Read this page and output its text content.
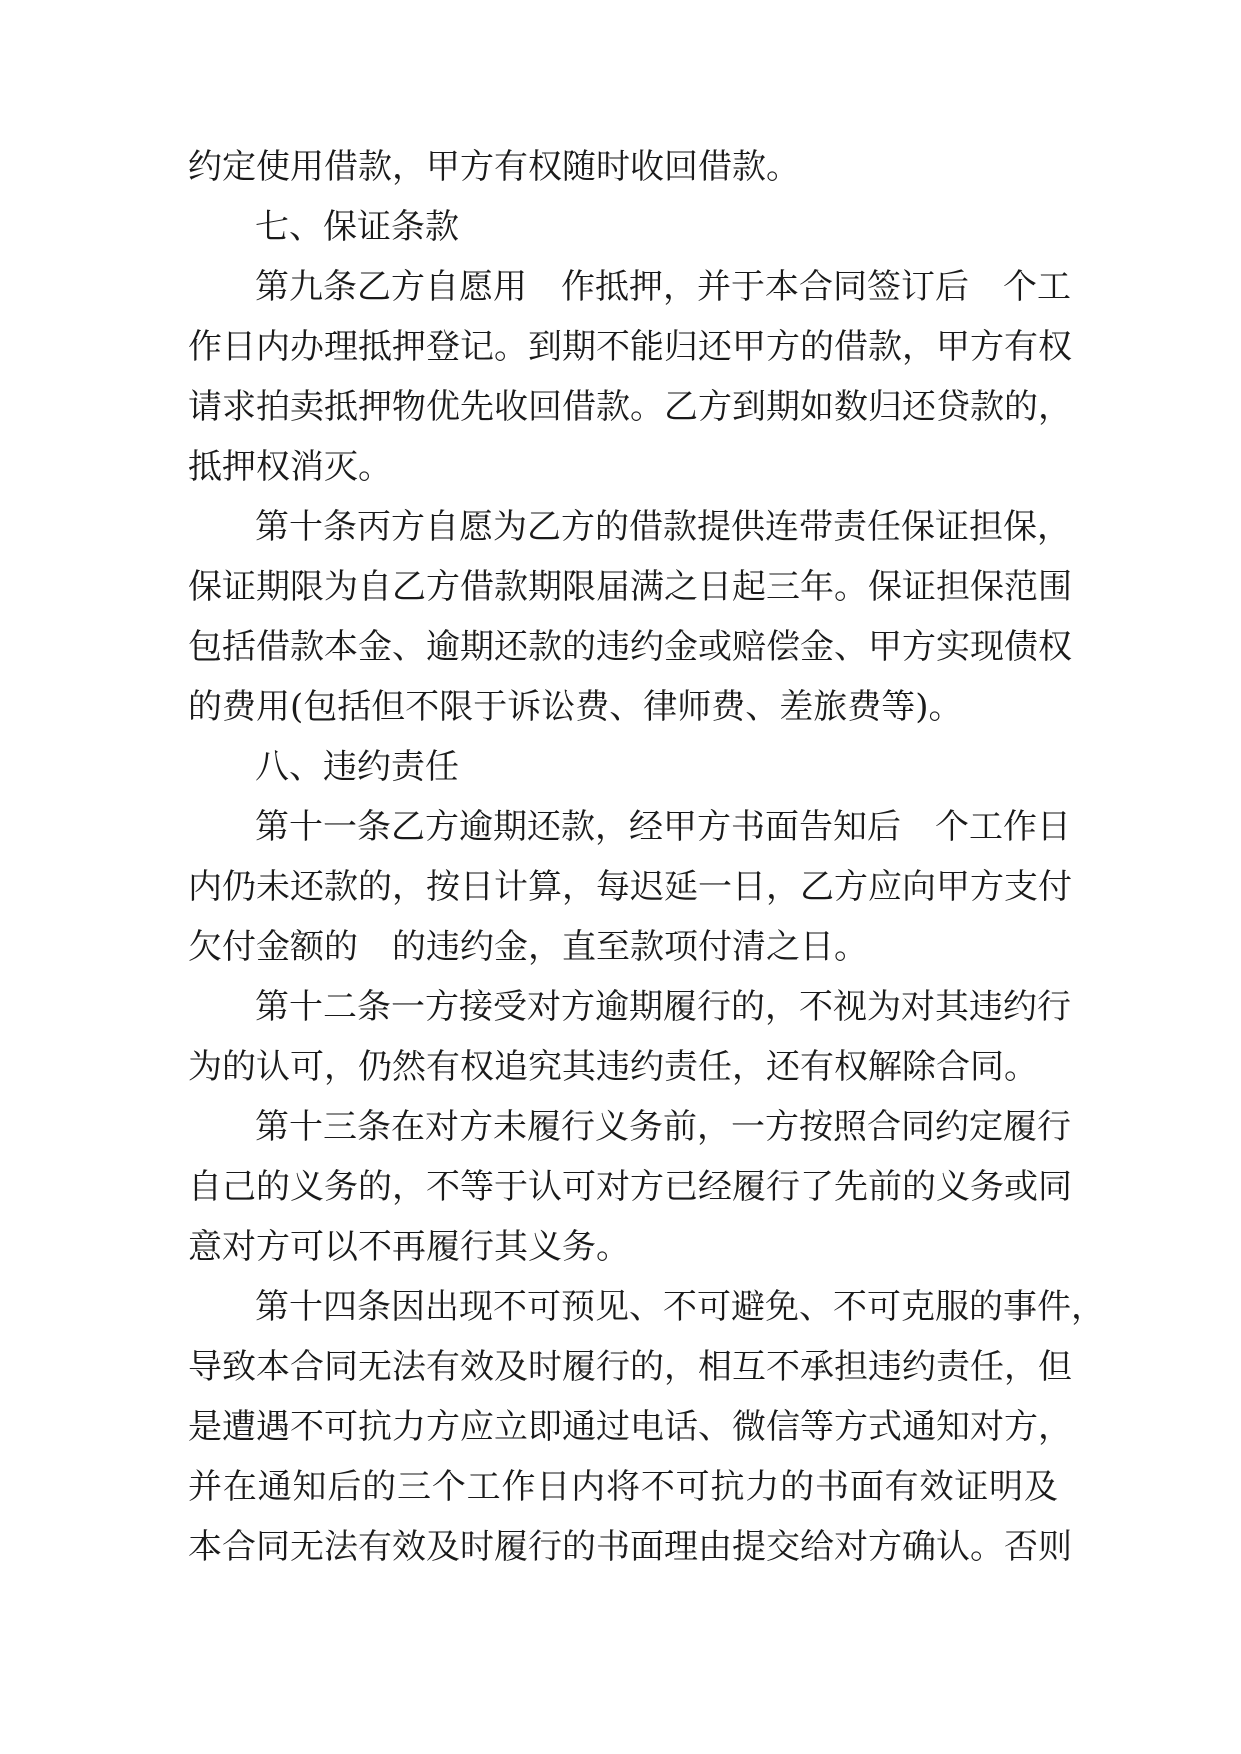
约定使用借款，甲方有权随时收回借款。
七、保证条款
第九条乙方自愿用　作抵押，并于本合同签订后　个工
作日内办理抵押登记。到期不能归还甲方的借款，甲方有权
请求拍卖抵押物优先收回借款。乙方到期如数归还贷款的，
抵押权消灭。
第十条丙方自愿为乙方的借款提供连带责任保证担保，
保证期限为自乙方借款期限届满之日起三年。保证担保范围
包括借款本金、逾期还款的违约金或赔偿金、甲方实现债权
的费用(包括但不限于诉讼费、律师费、差旅费等)。
八、违约责任
第十一条乙方逾期还款，经甲方书面告知后　个工作日
内仍未还款的，按日计算，每迟延一日，乙方应向甲方支付
欠付金额的　的违约金，直至款项付清之日。
第十二条一方接受对方逾期履行的，不视为对其违约行
为的认可，仍然有权追究其违约责任，还有权解除合同。
第十三条在对方未履行义务前，一方按照合同约定履行
自己的义务的，不等于认可对方已经履行了先前的义务或同
意对方可以不再履行其义务。
第十四条因出现不可预见、不可避免、不可克服的事件，
导致本合同无法有效及时履行的，相互不承担违约责任，但
是遭遇不可抗力方应立即通过电话、微信等方式通知对方，
并在通知后的三个工作日内将不可抗力的书面有效证明及
本合同无法有效及时履行的书面理由提交给对方确认。否则
